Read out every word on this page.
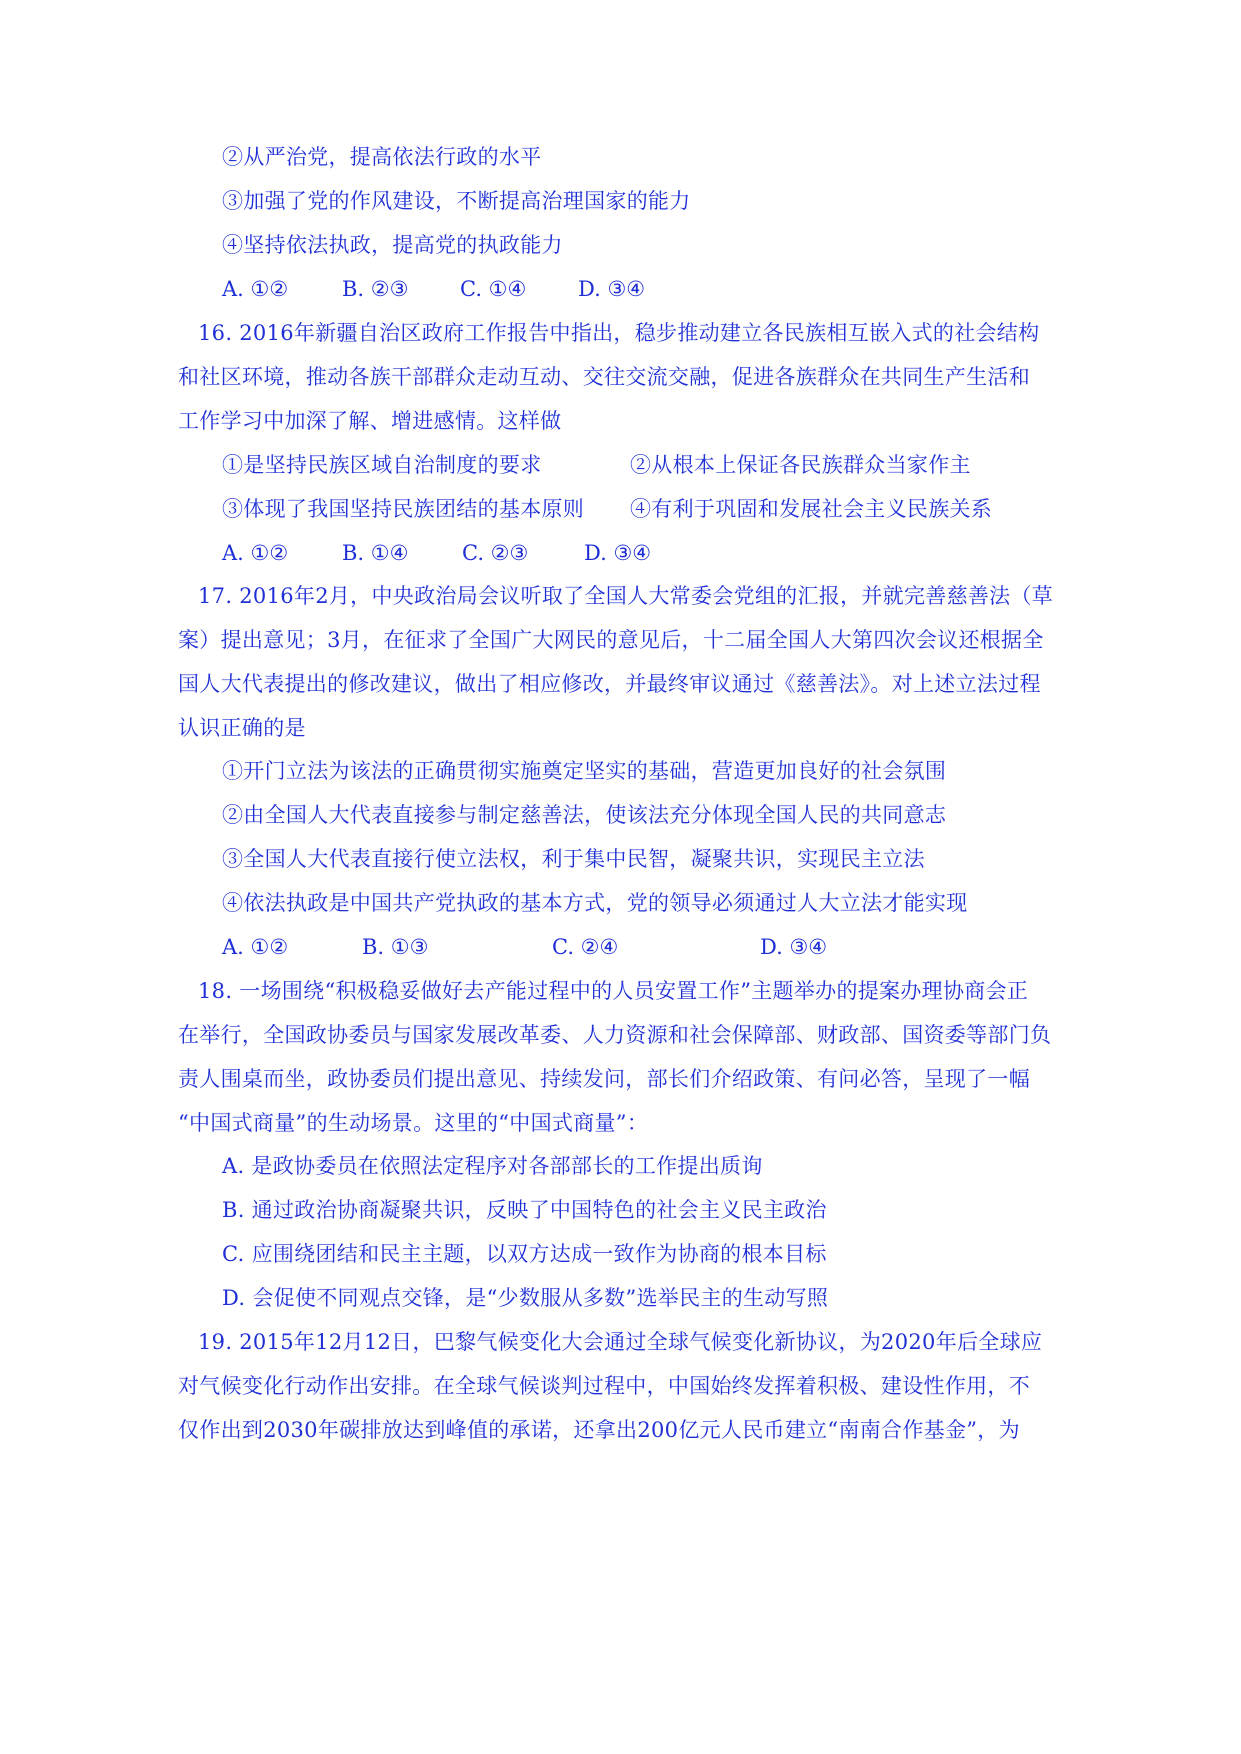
②从严治党，提高依法行政的水平
③加强了党的作风建设，不断提高治理国家的能力
④坚持依法执政，提高党的执政能力
A. ①②	B. ②③ C. ①④ D. ③④
16. 2016年新疆自治区政府工作报告中指出，稳步推动建立各民族相互嵌入式的社会结构
和社区环境，推动各族干部群众走动互动、交往交流交融，促进各族群众在共同生产生活和
工作学习中加深了解、增进感情。这样做
①是坚持民族区域自治制度的要求	②从根本上保证各民族群众当家作主
③体现了我国坚持民族团结的基本原则 ④有利于巩固和发展社会主义民族关系
A. ①②	B. ①④	C. ②③	D. ③④
17. 2016年2月，中央政治局会议听取了全国人大常委会党组的汇报，并就完善慈善法（草
案）提出意见；3月，在征求了全国广大网民的意见后，十二届全国人大第四次会议还根据全
国人大代表提出的修改建议，做出了相应修改，并最终审议通过《慈善法》。对上述立法过程
认识正确的是
①开门立法为该法的正确贯彻实施奠定坚实的基础，营造更加良好的社会氛围
②由全国人大代表直接参与制定慈善法，使该法充分体现全国人民的共同意志
③全国人大代表直接行使立法权，利于集中民智，凝聚共识，实现民主立法
④依法执政是中国共产党执政的基本方式，党的领导必须通过人大立法才能实现
A. ①②	B. ①③	C. ②④	D. ③④
18. 一场围绕“积极稳妥做好去产能过程中的人员安置工作”主题举办的提案办理协商会正
在举行，全国政协委员与国家发展改革委、人力资源和社会保障部、财政部、国资委等部门负
责人围桌而坐，政协委员们提出意见、持续发问，部长们介绍政策、有问必答，呈现了一幅
“中国式商量”的生动场景。这里的“中国式商量”：
A. 是政协委员在依照法定程序对各部部长的工作提出质询
B. 通过政治协商凝聚共识，反映了中国特色的社会主义民主政治
C. 应围绕团结和民主主题，以双方达成一致作为协商的根本目标
D. 会促使不同观点交锋，是“少数服从多数”选举民主的生动写照
19. 2015年12月12日，巴黎气候变化大会通过全球气候变化新协议，为2020年后全球应
对气候变化行动作出安排。在全球气候谈判过程中，中国始终发挥着积极、建设性作用，不
仅作出到2030年碳排放达到峰值的承诺，还拿出200亿元人民币建立“南南合作基金”，为
